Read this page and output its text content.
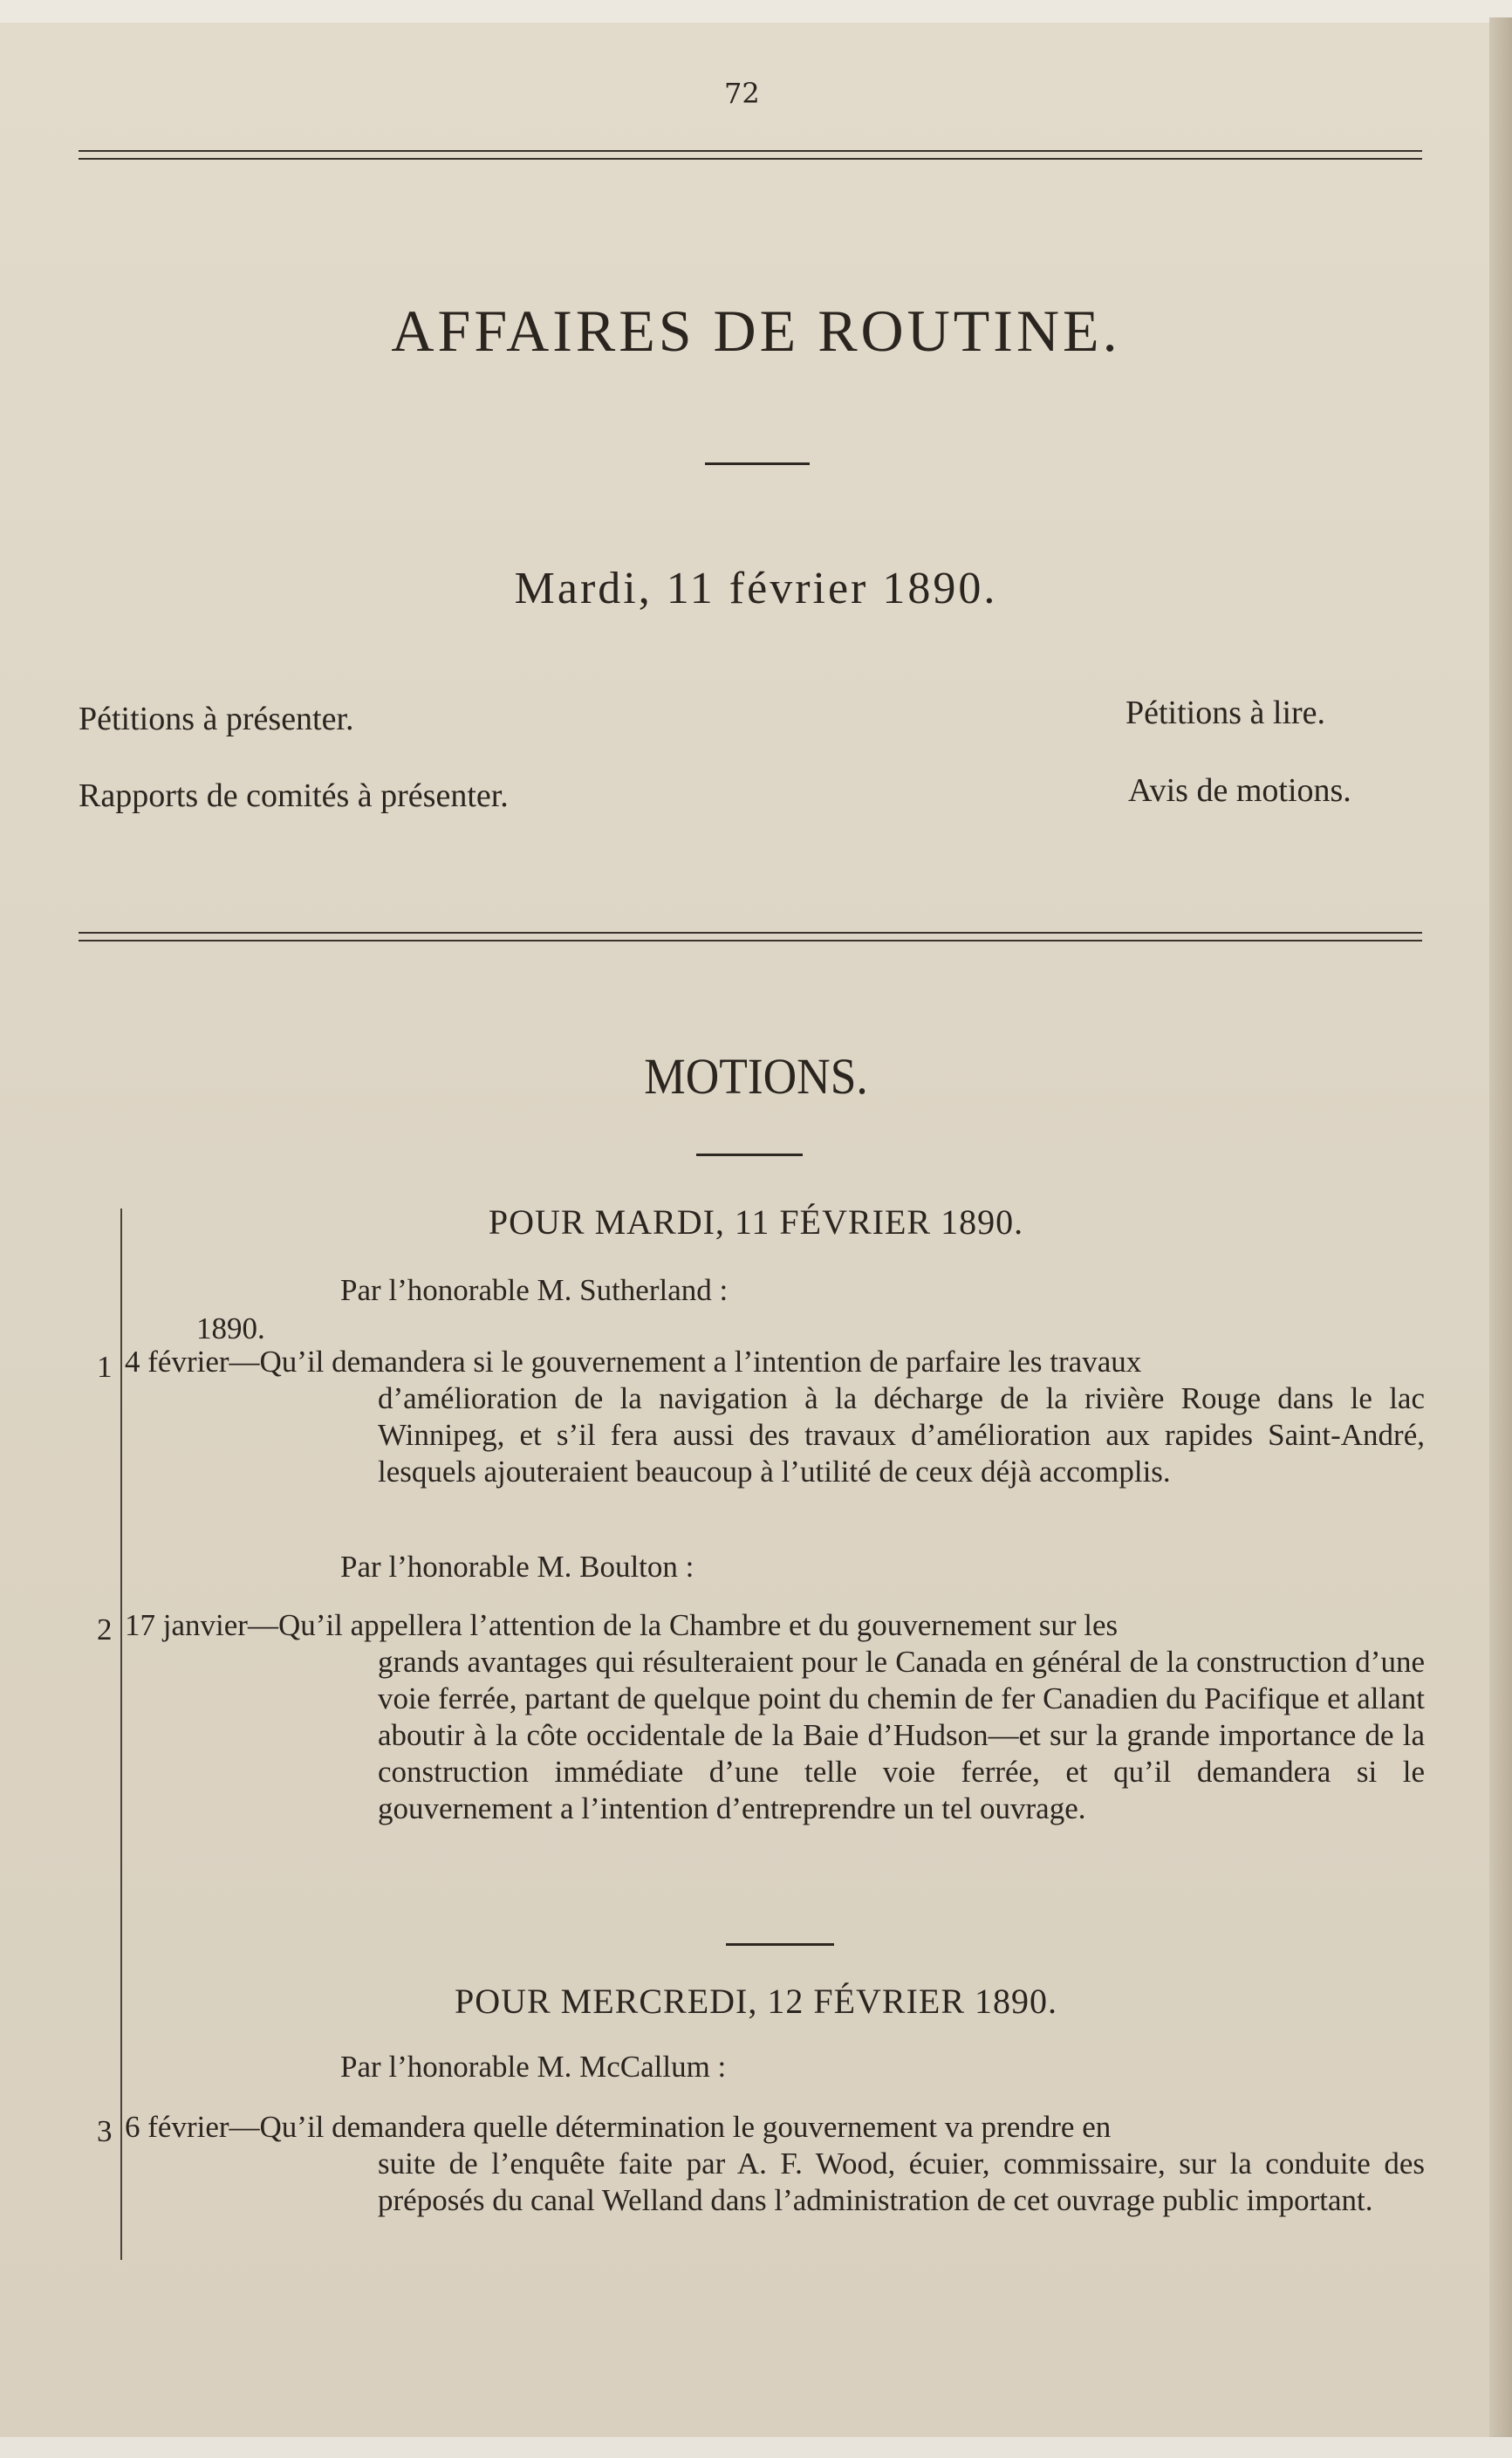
72
AFFAIRES DE ROUTINE.
Mardi, 11 février 1890.
Pétitions à présenter.
Rapports de comités à présenter.
Pétitions à lire.
Avis de motions.
MOTIONS.
POUR MARDI, 11 FÉVRIER 1890.
Par l’honorable M. Sutherland :
1890.
1 4 février—Qu’il demandera si le gouvernement a l’intention de parfaire les travaux
d’amélioration de la navigation à la décharge de la rivière Rouge dans le lac Winnipeg, et s’il fera aussi des travaux d’amélioration aux rapides Saint-André, lesquels ajouteraient beaucoup à l’utilité de ceux déjà accomplis.
Par l’honorable M. Boulton :
2 17 janvier—Qu’il appellera l’attention de la Chambre et du gouvernement sur les
grands avantages qui résulteraient pour le Canada en général de la construction d’une voie ferrée, partant de quelque point du chemin de fer Canadien du Pacifique et allant aboutir à la côte occidentale de la Baie d’Hudson—et sur la grande importance de la construction immédiate d’une telle voie ferrée, et qu’il demandera si le gouvernement a l’intention d’entreprendre un tel ouvrage.
POUR MERCREDI, 12 FÉVRIER 1890.
Par l’honorable M. McCallum :
3 6 février—Qu’il demandera quelle détermination le gouvernement va prendre en
suite de l’enquête faite par A. F. Wood, écuier, commissaire, sur la conduite des préposés du canal Welland dans l’administration de cet ouvrage public important.
